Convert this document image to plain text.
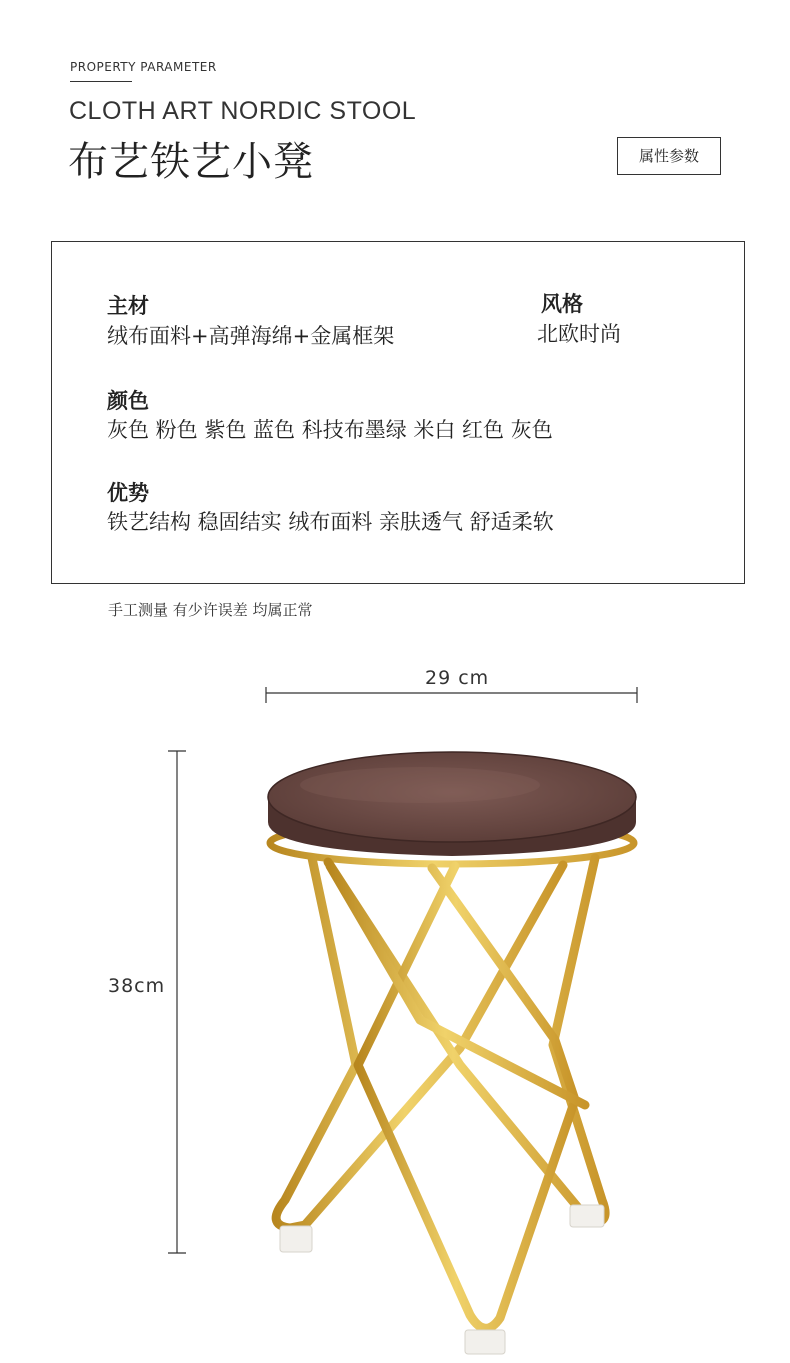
PROPERTY PARAMETER
CLOTH ART NORDIC STOOL
布艺铁艺小凳	属性参数
主材
绒布面料+高弹海绵+金属框架
风格
北欧时尚
颜色
灰色 粉色 紫色 蓝色 科技布墨绿 米白 红色 灰色
优势
铁艺结构 稳固结实 绒布面料 亲肤透气 舒适柔软
手工测量 有少许误差 均属正常
29 cm
38cm
